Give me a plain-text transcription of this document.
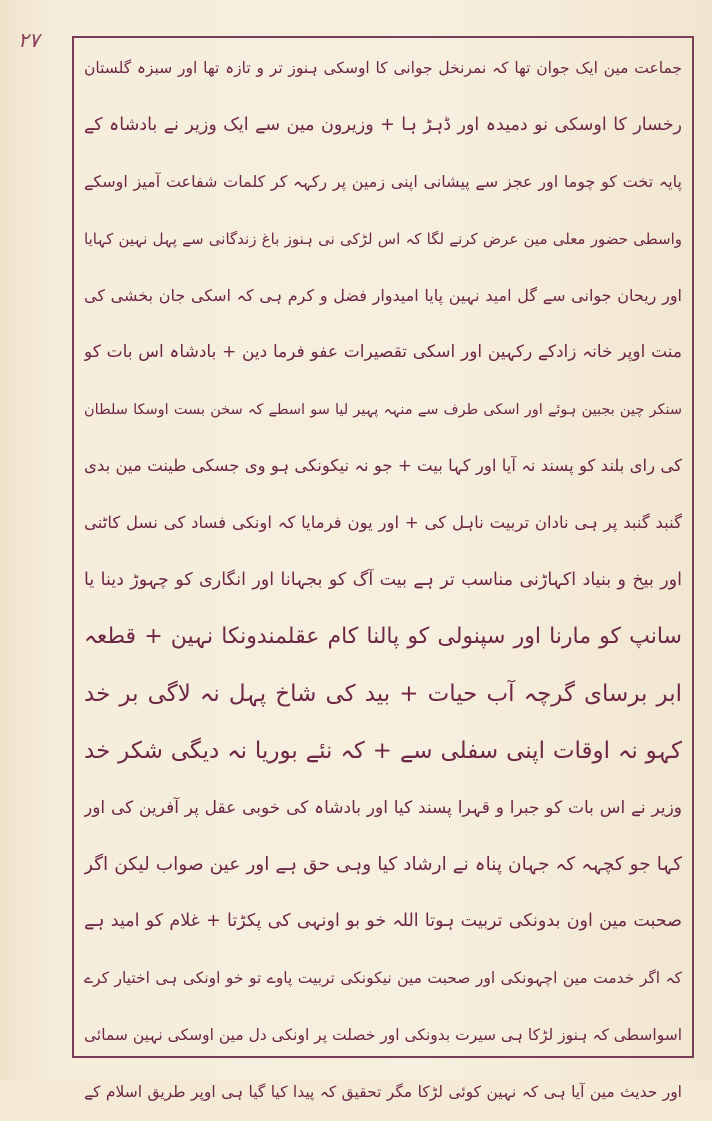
۲۷
جماعت مین ایک جوان تھا کہ نمرنخل جوانی کا اوسکی ہنوز تر و تازہ تھا اور سبزہ گلستان
رخسار کا اوسکی نو دمیدہ اور ڈہڑ ہا + وزیرون مین سے ایک وزیر نے بادشاہ کے
پایہ تخت کو چوما اور عجز سے پیشانی اپنی زمین پر رکہہ کر کلمات شفاعت آمیز اوسکے
واسطی حضور معلی مین عرض کرنے لگا کہ اس لڑکی نی ہنوز باغ زندگانی سے پہل نہین کہایا
اور ریحان جوانی سے گل امید نہین پایا امیدوار فضل و کرم ہی کہ اسکی جان بخشی کی
منت اوپر خانہ زادکے رکہین اور اسکی تقصیرات عفو فرما دین + بادشاہ اس بات کو
سنکر چین بجبین ہوئے اور اسکی طرف سے منہہ پہیر لیا سو اسطے کہ سخن بست اوسکا سلطان
کی رای بلند کو پسند نہ آیا اور کہا بیت + جو نہ نیکونکی ہو وی جسکی طینت مین بدی
گنبد گنبد پر ہی نادان تربیت ناہل کی + اور یون فرمایا کہ اونکی فساد کی نسل کاٹنی
اور بیخ و بنیاد اکہاڑنی مناسب تر ہے بیت آگ کو بجہانا اور انگاری کو چہوڑ دینا یا
سانپ کو مارنا اور سپنولی کو پالنا کام عقلمندونکا نہین + قطعہ
ابر برسای گرچہ آب حیات + بید کی شاخ پہل نہ لاگی بر خد
کہو نہ اوقات اپنی سفلی سے + کہ نئے بوریا نہ دیگی شکر خد
وزیر نے اس بات کو جبرا و قہرا پسند کیا اور بادشاہ کی خوبی عقل پر آفرین کی اور
کہا جو کچہہ کہ جہان پناہ نے ارشاد کیا وہی حق ہے اور عین صواب لیکن اگر
صحبت مین اون بدونکی تربیت ہوتا اللہ خو بو اونہی کی پکڑتا + غلام کو امید ہے
کہ اگر خدمت مین اچہونکی اور صحبت مین نیکونکی تربیت پاوے تو خو اونکی ہی اختیار کرے
اسواسطی کہ ہنوز لڑکا ہی سیرت بدونکی اور خصلت پر اونکی دل مین اوسکی نہین سمائی
اور حدیث مین آیا ہی کہ نہین کوئی لڑکا مگر تحقیق کہ پیدا کیا گیا ہی اوپر طریق اسلام کے
